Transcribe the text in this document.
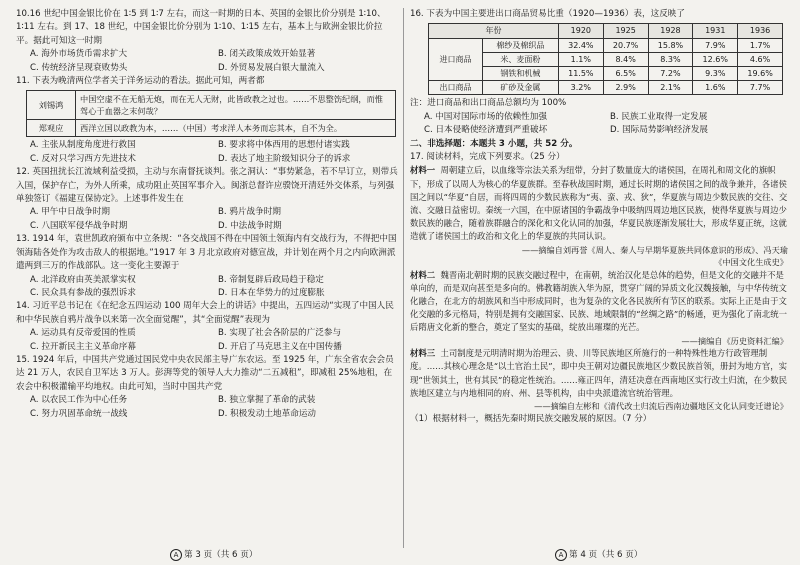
10.16 世纪中国金银比价在 1∶5 到 1∶7 左右，而这一时期的日本、英国的金银比价分别是 1∶10、1∶11 左右。到 17、18 世纪，中国金银比价分别为 1∶10、1∶15 左右，基本上与欧洲金银比价拉平。据此可知这一时期

A. 海外市场货币需求扩大	B. 闭关政策成效开始显著
C. 传统经济呈现衰败势头	D. 外贸易发展白银大量流入

11. 下表为晚清两位学者关于洋务运动的看法。据此可知，两者都

刘锡鸿	中国空虚不在无船无炮，而在无人无财，此皆政教之过也。……不思整饬纪纲，而惟驾心于血器之末何哉？
郑观应	西洋立国以政教为本，……（中国）考求洋人本务而忘其本，自不为全。
A. 主张从制度角度进行救国	B. 要求将中体西用的思想付诸实践
C. 反对只学习西方先进技术	D. 表达了地主阶级知识分子的诉求

12. 英国扭扰长江流域利益受损，主动与东南督抚谈判。张之洞认：“事势紧急，若不早订立，则带兵入国，保护存亡，为外人所乘，成功阻止英国军事介入。闽浙总督许应骙饶开清廷外交体系，与列强单独签订《福建互保协定》。上述事件发生在

A. 甲午中日战争时期	B. 鸦片战争时期
C. 八国联军侵华战争时期	D. 中法战争时期

13. 1914 年，袁世凯政府颁布中立条规：“各交战国不得在中国领土领海内有交战行为，不得把中国领海陆各处作为攻击敌人的根据地。”1917 年 3 月北京政府对德宣战，并计划在两个月之内向欧洲派遣两到三万的作战部队。这一变化主要源于

A. 北洋政府由英美派掌实权	B. 帝制复辟后政局趋于稳定
C. 民众具有参战的强烈诉求	D. 日本在华势力的过度膨胀

14. 习近平总书记在《在纪念五四运动 100 周年大会上的讲话》中提出，五四运动“实现了中国人民和中华民族自鸦片战争以来第一次全面觉醒”，其“全面觉醒”表现为

A. 运动具有反帝爱国的性质	B. 实现了社会各阶层的广泛参与
C. 拉开新民主主义革命序幕	D. 开启了马克思主义在中国传播

15. 1924 年后，中国共产党通过国民党中央农民部主导广东农运。至 1925 年，广东全省农会会员达 21 万人，农民自卫军达 3 万人。彭湃等党的领导人大力推动“二五减租”，即减租 25%地租，在农会中积极灌输平均地权。由此可知，当时中国共产党

A. 以农民工作为中心任务	B. 独立掌握了革命的武装
C. 努力巩固革命统一战线	D. 积极发动土地革命运动

16. 下表为中国主要进出口商品贸易比重（1920—1936）表，这反映了

年份		1920	1925	1928	1931	1936
进口商品	棉纱及棉织品	32.4%	20.7%	15.8%	7.9%	1.7%
	米、麦面粉	1.1%	8.4%	8.3%	12.6%	4.6%
	钢铁和机械	11.5%	6.5%	7.2%	9.3%	19.6%
出口商品	矿砂及金属	3.2%	2.9%	2.1%	1.6%	7.7%

注：进口商品和出口商品总额均为 100%

A. 中国对国际市场的依赖性加强	B. 民族工业取得一定发展
C. 日本侵略使经济遭到严重破坏	D. 国际局势影响经济发展

二、非选择题：本题共 3 小题，共 52 分。

17. 阅读材料，完成下列要求。（25 分）

材料一 周朝建立后，以血缘等宗法关系为纽带，分封了数量庞大的诸侯国，在周礼和周文化的旗帜下，形成了以周人为核心的华夏族群。至春秋战国时期，通过长时期的诸侯国之间的战争兼并，各诸侯国之间以“华夏”自居，而将四周的少数民族称为“夷、蛮、戎、狄”，华夏族与周边少数民族的交往、交流、交融日益密切。秦统一六国，在中原诸国的争霸战争中吸纳四周边地区民族，使得华夏族与周边少数民族的融合，随着族群融合的深化和文化认同的加强，华夏民族逐渐发展壮大，形成华夏正统，这就造就了诸侯国土的政治和文化上的华夏族的共同认识。

——摘编自刘再誉《周人、秦人与早期华夏族共同体意识的形成》、冯天瑜

《中国文化生成史》

材料二 魏晋南北朝时期的民族交融过程中，在南朝，统治汉化是总体的趋势，但是文化的交融并不是单向的，而是双向甚至是多向的。佛教籍胡族入华为原，贯穿广阔的异质文化汉魏接触，与中华传统文化融合，在北方的胡族风和当中形成同时，也为复杂的文化各民族所有节区的联系。实际上正是由于文化交融的多元格局，特别是拥有交融国家、民族、地域限制的“丝绸之路”的畅通，更为强化了南北统一后隋唐文化新的整合，奠定了坚实的基础，绽放出璀璨的光芒。

——摘编自《历史资料汇编》

材料三 土司制度是元明清时期为治理云、贵、川等民族地区所施行的一种特殊性地方行政管理制度。……其核心理念是“以土官治土民”，即中央王朝对边疆民族地区少数民族首领，册封为地方官，实现“世领其土，世有其民”的稳定性统治。……雍正四年，清廷决意在西南地区实行改土归流，在少数民族地区建立与内地相同的府、州、县等机构，由中央派遣流官统治管理。

——摘编自左彬和《清代改土归流后西南边疆地区文化认同变迁谱论》

（1）根据材料一，概括先秦时期民族交融发展的原因。（7 分）

A 第 3 页（共 6 页）	A 第 4 页（共 6 页）
